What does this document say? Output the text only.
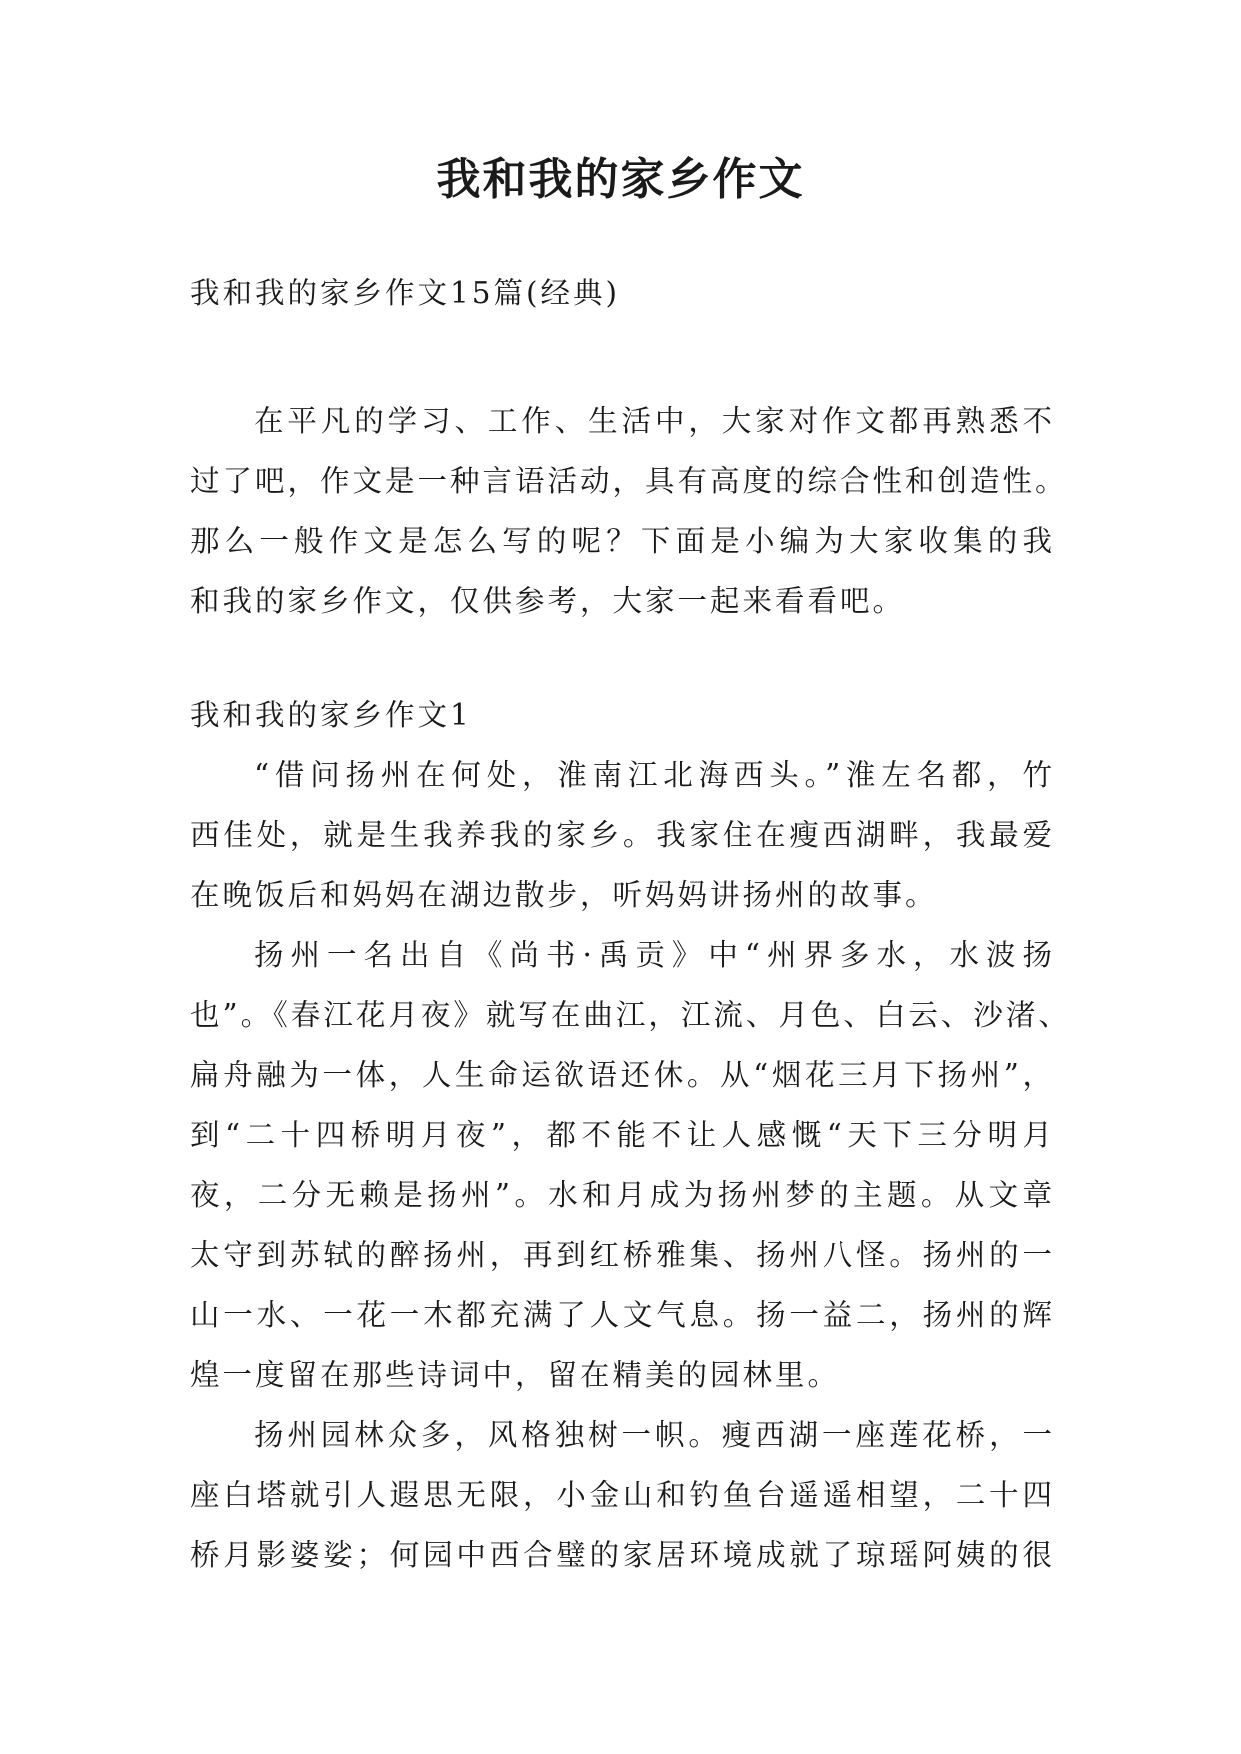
我和我的家乡作文
我和我的家乡作文15篇(经典)
在平凡的学习、工作、生活中，大家对作文都再熟悉不
过了吧，作文是一种言语活动，具有高度的综合性和创造性。
那么一般作文是怎么写的呢？下面是小编为大家收集的我
和我的家乡作文，仅供参考，大家一起来看看吧。
我和我的家乡作文1
“借问扬州在何处，淮南江北海西头。”淮左名都，竹
西佳处，就是生我养我的家乡。我家住在瘦西湖畔，我最爱
在晚饭后和妈妈在湖边散步，听妈妈讲扬州的故事。
扬州一名出自《尚书·禹贡》中“州界多水，水波扬
也”。《春江花月夜》就写在曲江，江流、月色、白云、沙渚、
扁舟融为一体，人生命运欲语还休。从“烟花三月下扬州”，
到“二十四桥明月夜”，都不能不让人感慨“天下三分明月
夜，二分无赖是扬州”。水和月成为扬州梦的主题。从文章
太守到苏轼的醉扬州，再到红桥雅集、扬州八怪。扬州的一
山一水、一花一木都充满了人文气息。扬一益二，扬州的辉
煌一度留在那些诗词中，留在精美的园林里。
扬州园林众多，风格独树一帜。瘦西湖一座莲花桥，一
座白塔就引人遐思无限，小金山和钓鱼台遥遥相望，二十四
桥月影婆娑；何园中西合璧的家居环境成就了琼瑶阿姨的很
